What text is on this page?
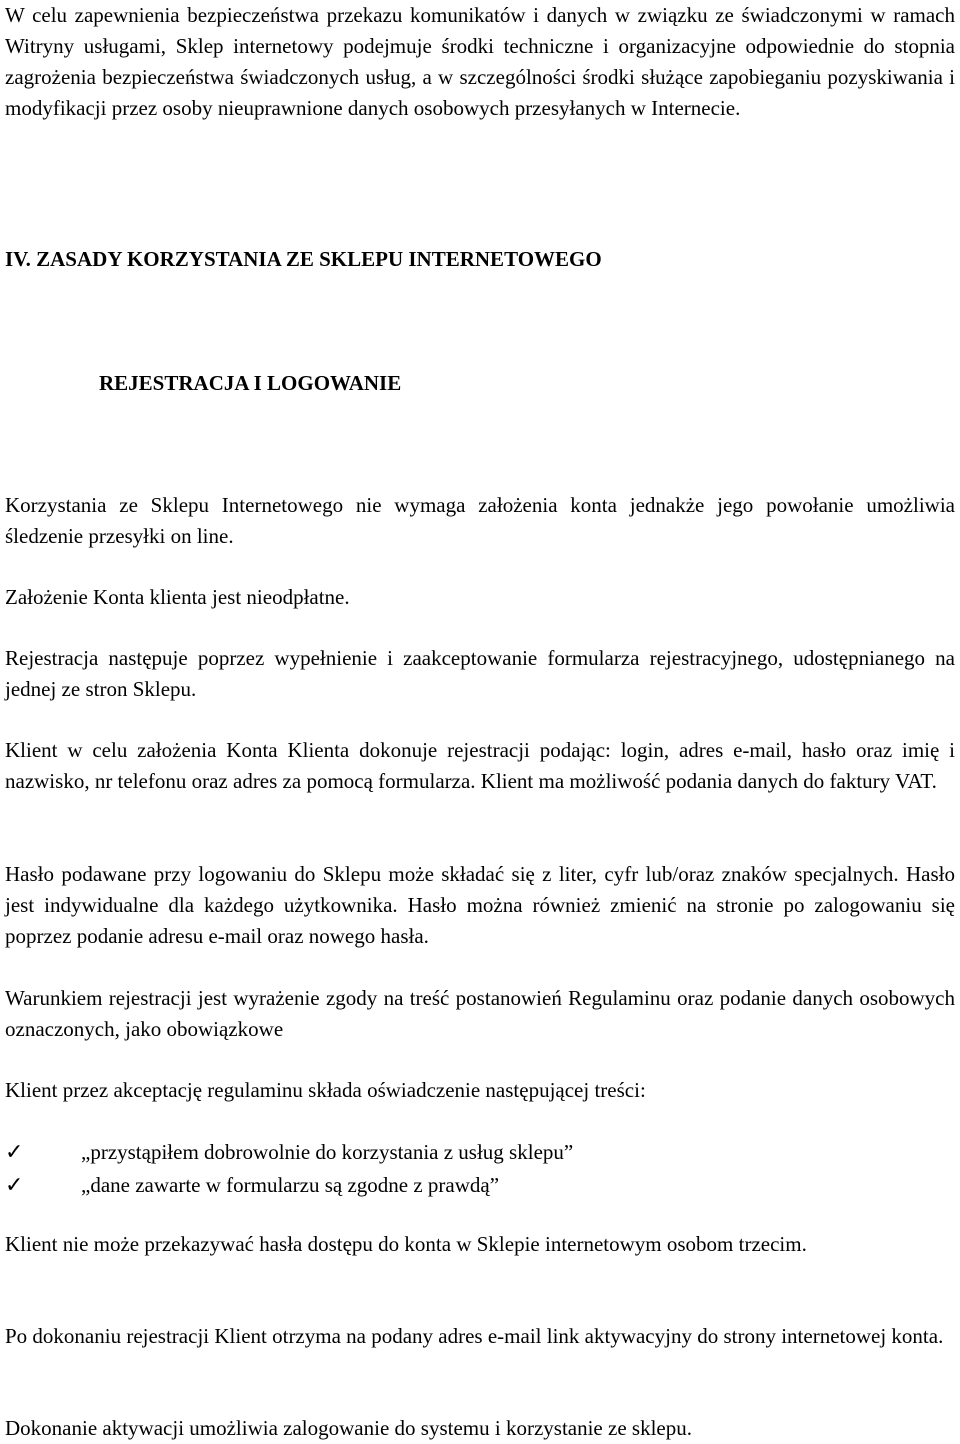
W celu zapewnienia bezpieczeństwa przekazu komunikatów i danych w związku ze świadczonymi w ramach Witryny usługami, Sklep internetowy podejmuje środki techniczne i organizacyjne odpowiednie do stopnia zagrożenia bezpieczeństwa świadczonych usług, a w szczególności środki służące zapobieganiu pozyskiwania i modyfikacji przez osoby nieuprawnione danych osobowych przesyłanych w Internecie.

IV. ZASADY KORZYSTANIA ZE SKLEPU INTERNETOWEGO
REJESTRACJA I LOGOWANIE

Korzystania ze Sklepu Internetowego nie wymaga założenia konta jednakże jego powołanie umożliwia śledzenie przesyłki on line.

Założenie Konta klienta jest nieodpłatne.

Rejestracja następuje poprzez wypełnienie i zaakceptowanie formularza rejestracyjnego, udostępnianego na jednej ze stron Sklepu.

Klient w celu założenia Konta Klienta dokonuje rejestracji podając: login, adres e-mail, hasło oraz imię i nazwisko, nr telefonu oraz adres za pomocą formularza. Klient ma możliwość podania danych do faktury VAT.

Hasło podawane przy logowaniu do Sklepu może składać się z liter, cyfr lub/oraz znaków specjalnych. Hasło jest indywidualne dla każdego użytkownika. Hasło można również zmienić na stronie po zalogowaniu się poprzez podanie adresu e-mail oraz nowego hasła.

Warunkiem rejestracji jest wyrażenie zgody na treść postanowień Regulaminu oraz podanie danych osobowych oznaczonych, jako obowiązkowe

Klient przez akceptację regulaminu składa oświadczenie następującej treści:

✓	„przystąpiłem dobrowolnie do korzystania z usług sklepu”
✓	„dane zawarte w formularzu są zgodne z prawdą”

Klient nie może przekazywać hasła dostępu do konta w Sklepie internetowym osobom trzecim.

Po dokonaniu rejestracji Klient otrzyma na podany adres e-mail link aktywacyjny do strony internetowej konta.

Dokonanie aktywacji umożliwia zalogowanie do systemu i korzystanie ze sklepu.
